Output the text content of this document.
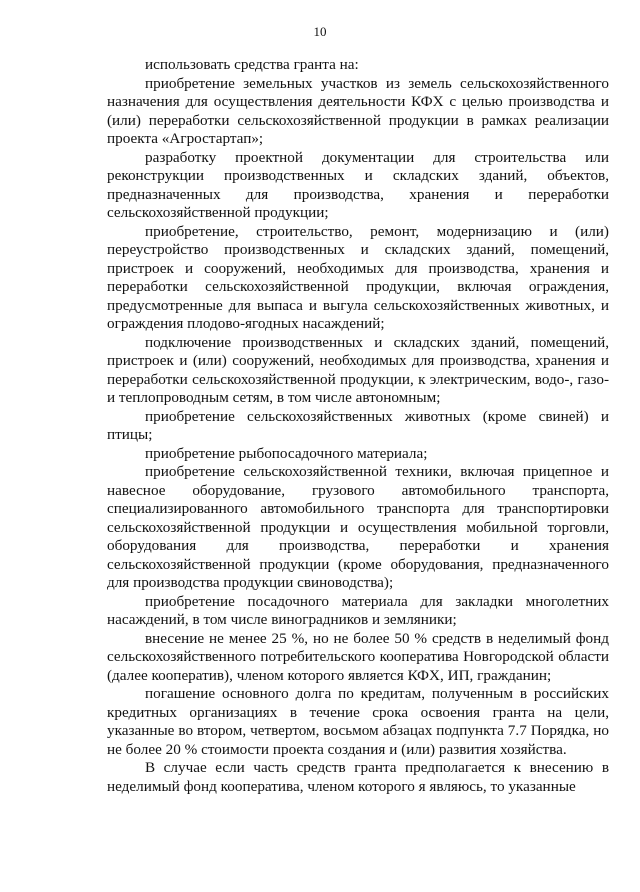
10

использовать средства гранта на:

приобретение земельных участков из земель сельскохозяйственного назначения для осуществления деятельности КФХ с целью производства и (или) переработки сельскохозяйственной продукции в рамках реализации проекта «Агростартап»;

разработку проектной документации для строительства или реконструкции производственных и складских зданий, объектов, предназначенных для производства, хранения и переработки сельскохозяйственной продукции;

приобретение, строительство, ремонт, модернизацию и (или) переустройство производственных и складских зданий, помещений, пристроек и сооружений, необходимых для производства, хранения и переработки сельскохозяйственной продукции, включая ограждения, предусмотренные для выпаса и выгула сельскохозяйственных животных, и ограждения плодово-ягодных насаждений;

подключение производственных и складских зданий, помещений, пристроек и (или) сооружений, необходимых для производства, хранения и переработки сельскохозяйственной продукции, к электрическим, водо-, газо- и теплопроводным сетям, в том числе автономным;

приобретение сельскохозяйственных животных (кроме свиней) и птицы;

приобретение рыбопосадочного материала;

приобретение сельскохозяйственной техники, включая прицепное и навесное оборудование, грузового автомобильного транспорта, специализированного автомобильного транспорта для транспортировки сельскохозяйственной продукции и осуществления мобильной торговли, оборудования для производства, переработки и хранения сельскохозяйственной продукции (кроме оборудования, предназначенного для производства продукции свиноводства);

приобретение посадочного материала для закладки многолетних насаждений, в том числе виноградников и земляники;

внесение не менее 25 %, но не более 50 % средств в неделимый фонд сельскохозяйственного потребительского кооператива Новгородской области (далее кооператив), членом которого является КФХ, ИП, гражданин;

погашение основного долга по кредитам, полученным в российских кредитных организациях в течение срока освоения гранта на цели, указанные во втором, четвертом, восьмом абзацах подпункта 7.7 Порядка, но не более 20 % стоимости проекта создания и (или) развития хозяйства.

В случае если часть средств гранта предполагается к внесению в неделимый фонд кооператива, членом которого я являюсь, то указанные
